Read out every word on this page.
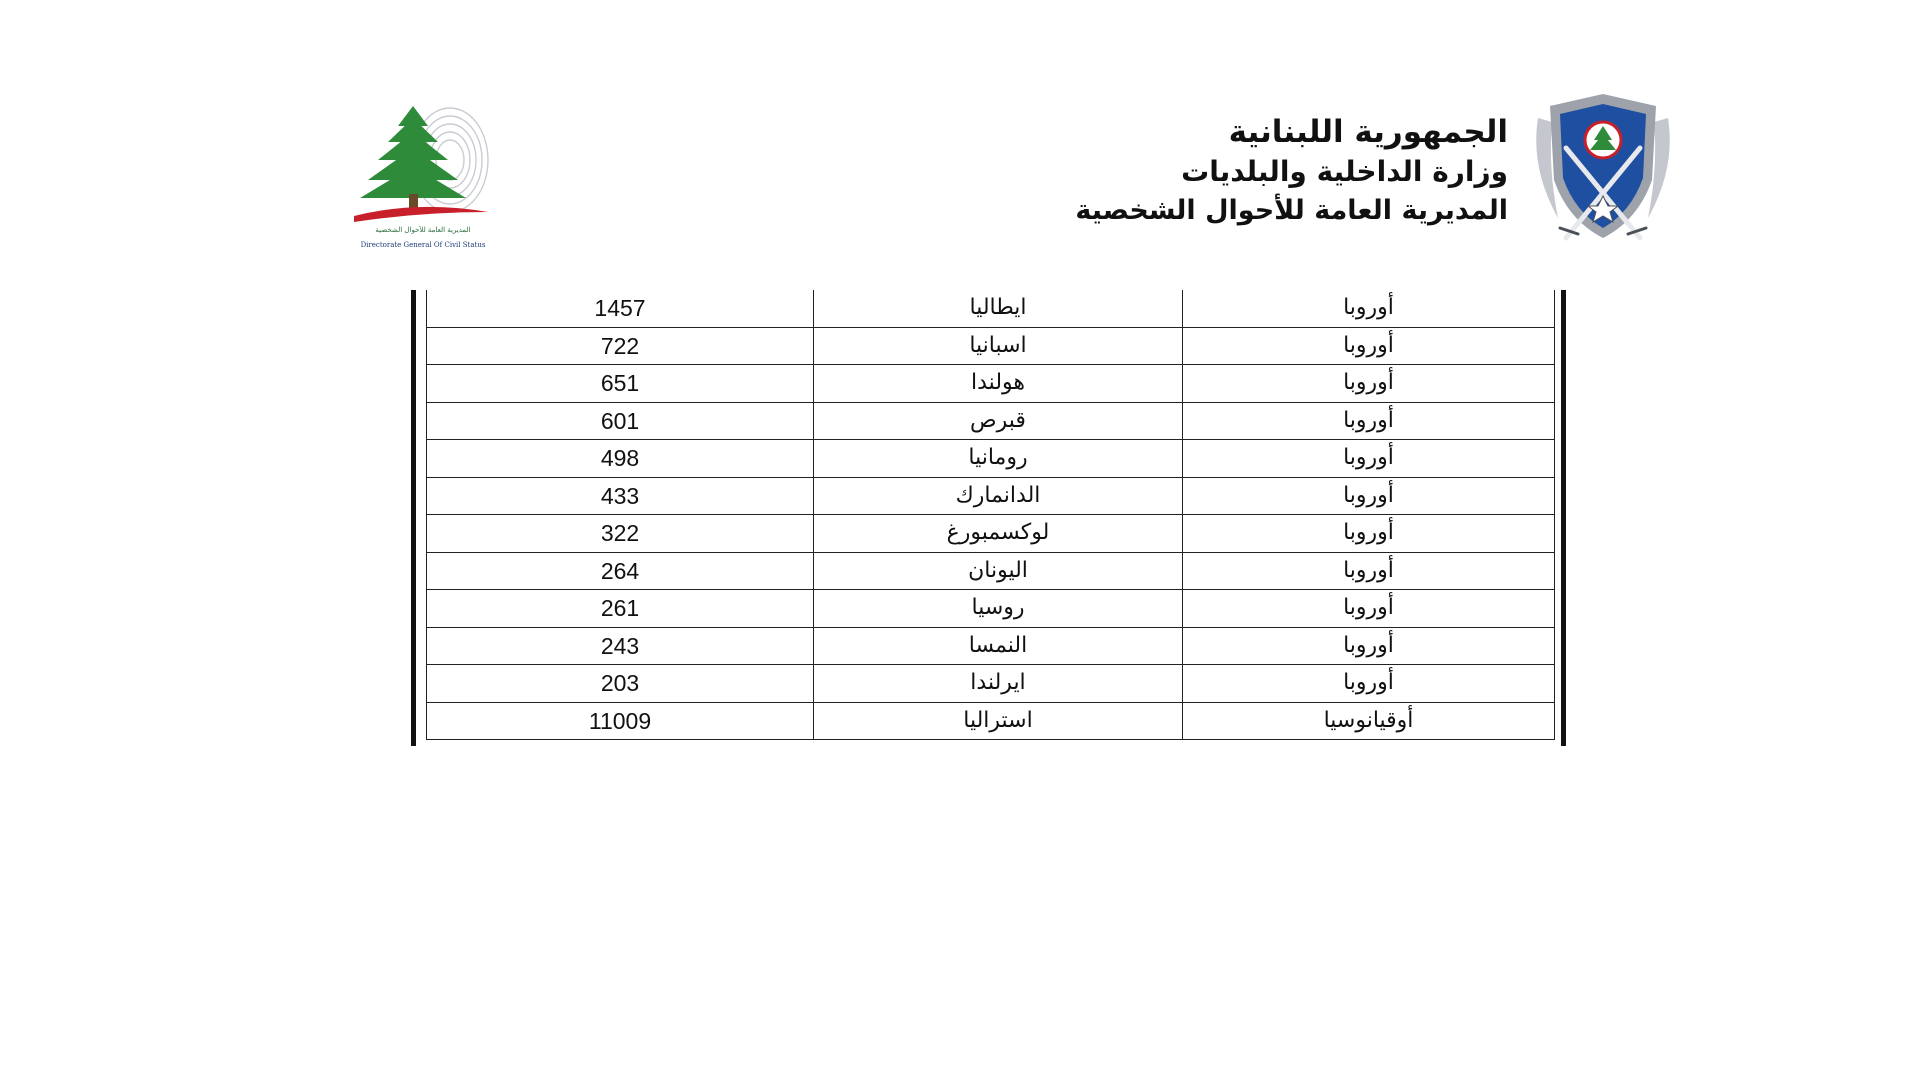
المديرية العامة للأحوال الشخصية
Directorate General Of Civil Status
الجمهورية اللبنانية
وزارة الداخلية والبلديات
المديرية العامة للأحوال الشخصية
أوروبا	ايطاليا	1457
أوروبا	اسبانيا	722
أوروبا	هولندا	651
أوروبا	قبرص	601
أوروبا	رومانيا	498
أوروبا	الدانمارك	433
أوروبا	لوكسمبورغ	322
أوروبا	اليونان	264
أوروبا	روسيا	261
أوروبا	النمسا	243
أوروبا	ايرلندا	203
أوقيانوسيا	استراليا	11009
